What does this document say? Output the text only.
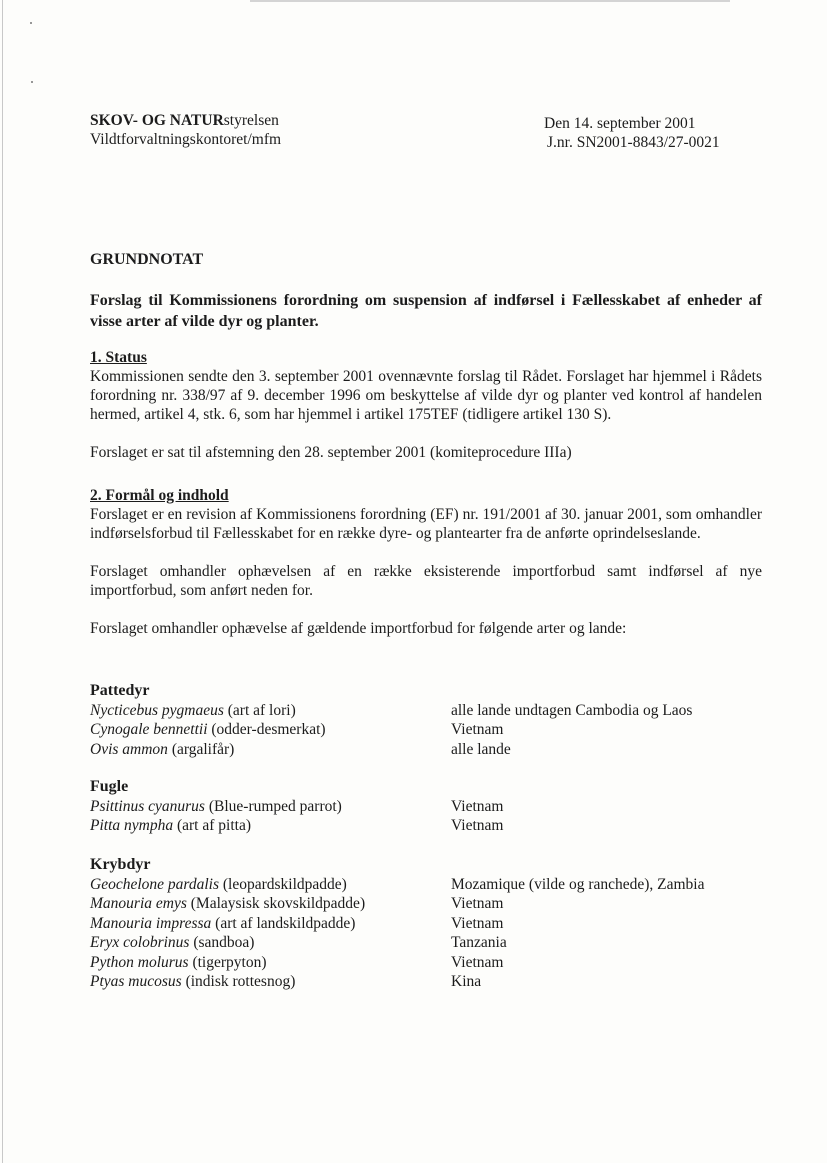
SKOV- OG NATURstyrelsen
Vildtforvaltningskontoret/mfm
Den 14. september 2001
J.nr. SN2001-8843/27-0021
GRUNDNOTAT
Forslag til Kommissionens forordning om suspension af indførsel i Fællesskabet af enheder af visse arter af vilde dyr og planter.
1. Status
Kommissionen sendte den 3. september 2001 ovennævnte forslag til Rådet. Forslaget har hjemmel i Rådets forordning nr. 338/97 af 9. december 1996 om beskyttelse af vilde dyr og planter ved kontrol af handelen hermed, artikel 4, stk. 6, som har hjemmel i artikel 175TEF (tidligere artikel 130 S).
Forslaget er sat til afstemning den 28. september 2001 (komiteprocedure IIIa)
2. Formål og indhold
Forslaget er en revision af Kommissionens forordning (EF) nr. 191/2001 af 30. januar 2001, som omhandler indførselsforbud til Fællesskabet for en række dyre- og plantearter fra de anførte oprindelseslande.
Forslaget omhandler ophævelsen af en række eksisterende importforbud samt indførsel af nye importforbud, som anført neden for.
Forslaget omhandler ophævelse af gældende importforbud for følgende arter og lande:
Pattedyr
Nycticebus pygmaeus (art af lori)	alle lande undtagen Cambodia og Laos
Cynogale bennettii (odder-desmerkat)	Vietnam
Ovis ammon (argalifår)	alle lande
Fugle
Psittinus cyanurus (Blue-rumped parrot)	Vietnam
Pitta nympha (art af pitta)	Vietnam
Krybdyr
Geochelone pardalis (leopardskildpadde)	Mozamique (vilde og ranchede), Zambia
Manouria emys (Malaysisk skovskildpadde)	Vietnam
Manouria impressa (art af landskildpadde)	Vietnam
Eryx colobrinus (sandboa)	Tanzania
Python molurus (tigerpyton)	Vietnam
Ptyas mucosus (indisk rottesnog)	Kina
